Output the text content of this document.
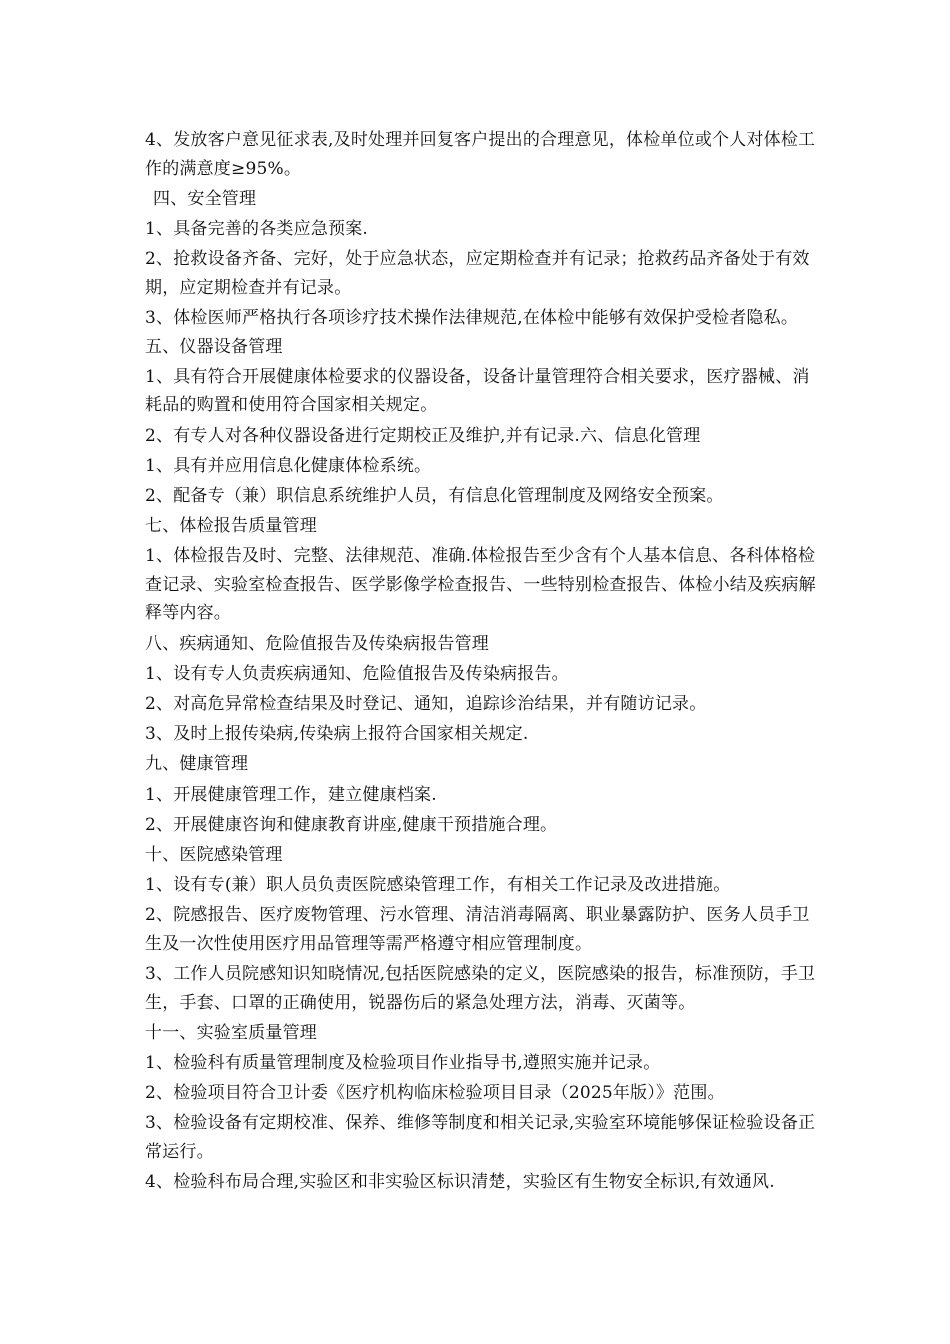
4、发放客户意见征求表,及时处理并回复客户提出的合理意见，体检单位或个人对体检工作的满意度≥95%。

四、安全管理

1、具备完善的各类应急预案.

2、抢救设备齐备、完好，处于应急状态，应定期检查并有记录；抢救药品齐备处于有效期，应定期检查并有记录。

3、体检医师严格执行各项诊疗技术操作法律规范,在体检中能够有效保护受检者隐私。五、仪器设备管理

1、具有符合开展健康体检要求的仪器设备，设备计量管理符合相关要求，医疗器械、消耗品的购置和使用符合国家相关规定。

2、有专人对各种仪器设备进行定期校正及维护,并有记录.六、信息化管理

1、具有并应用信息化健康体检系统。

2、配备专（兼）职信息系统维护人员，有信息化管理制度及网络安全预案。

七、体检报告质量管理

1、体检报告及时、完整、法律规范、准确.体检报告至少含有个人基本信息、各科体格检查记录、实验室检查报告、医学影像学检查报告、一些特别检查报告、体检小结及疾病解释等内容。

八、疾病通知、危险值报告及传染病报告管理

1、设有专人负责疾病通知、危险值报告及传染病报告。

2、对高危异常检查结果及时登记、通知，追踪诊治结果，并有随访记录。

3、及时上报传染病,传染病上报符合国家相关规定.

九、健康管理

1、开展健康管理工作，建立健康档案.

2、开展健康咨询和健康教育讲座,健康干预措施合理。

十、医院感染管理

1、设有专(兼）职人员负责医院感染管理工作，有相关工作记录及改进措施。

2、院感报告、医疗废物管理、污水管理、清洁消毒隔离、职业暴露防护、医务人员手卫生及一次性使用医疗用品管理等需严格遵守相应管理制度。

3、工作人员院感知识知晓情况,包括医院感染的定义，医院感染的报告，标准预防，手卫生，手套、口罩的正确使用，锐器伤后的紧急处理方法，消毒、灭菌等。

十一、实验室质量管理

1、检验科有质量管理制度及检验项目作业指导书,遵照实施并记录。

2、检验项目符合卫计委《医疗机构临床检验项目目录（2025年版）》范围。

3、检验设备有定期校准、保养、维修等制度和相关记录,实验室环境能够保证检验设备正常运行。

4、检验科布局合理,实验区和非实验区标识清楚，实验区有生物安全标识,有效通风.
